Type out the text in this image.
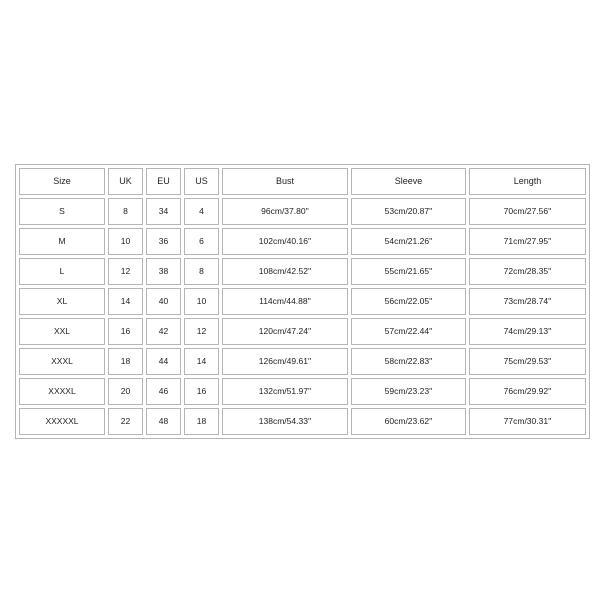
Size	UK	EU	US	Bust	Sleeve	Length
S	8	34	4	96cm/37.80''	53cm/20.87''	70cm/27.56''
M	10	36	6	102cm/40.16''	54cm/21.26''	71cm/27.95''
L	12	38	8	108cm/42.52''	55cm/21.65''	72cm/28.35''
XL	14	40	10	114cm/44.88''	56cm/22.05''	73cm/28.74''
XXL	16	42	12	120cm/47.24''	57cm/22.44''	74cm/29.13''
XXXL	18	44	14	126cm/49.61''	58cm/22.83''	75cm/29.53''
XXXXL	20	46	16	132cm/51.97''	59cm/23.23''	76cm/29.92''
XXXXXL	22	48	18	138cm/54.33''	60cm/23.62''	77cm/30.31''
